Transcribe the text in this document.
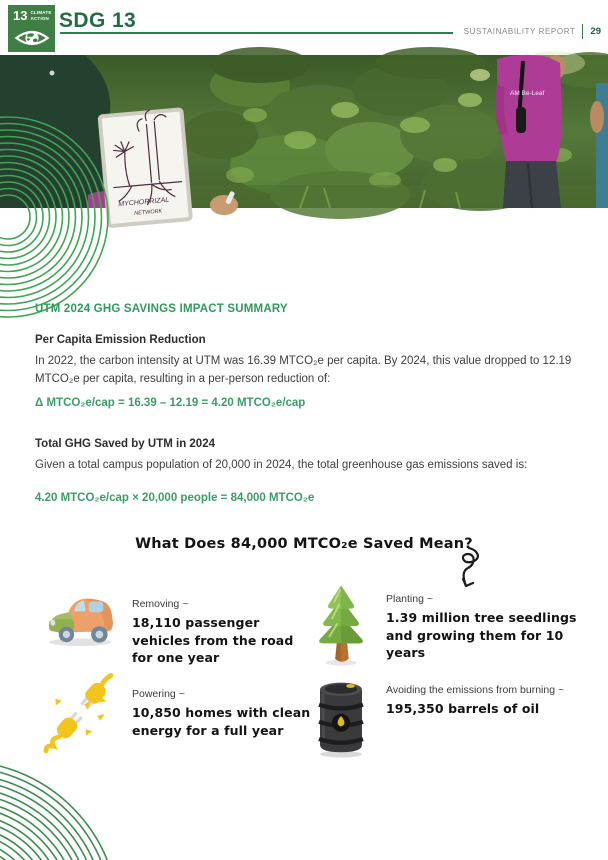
13 CLIMATE ACTION SDG 13	SUSTAINABILITY REPORT 29
AM Be-Leaf
MYCHORRIZAL
NETWORK
UTM 2024 GHG SAVINGS IMPACT SUMMARY
Per Capita Emission Reduction

In 2022, the carbon intensity at UTM was 16.39 MTCO₂e per capita. By 2024, this value dropped to 12.19 MTCO₂e per capita, resulting in a per-person reduction of:

Δ MTCO₂e/cap = 16.39 – 12.19 = 4.20 MTCO₂e/cap

Total GHG Saved by UTM in 2024

Given a total campus population of 20,000 in 2024, the total greenhouse gas emissions saved is:

4.20 MTCO₂e/cap × 20,000 people = 84,000 MTCO₂e

What Does 84,000 MTCO₂e Saved Mean?
Removing ~
18,110 passenger vehicles from the road for one year
Planting ~
1.39 million tree seedlings and growing them for 10 years
Powering ~
10,850 homes with clean energy for a full year
Avoiding the emissions from burning ~
195,350 barrels of oil
